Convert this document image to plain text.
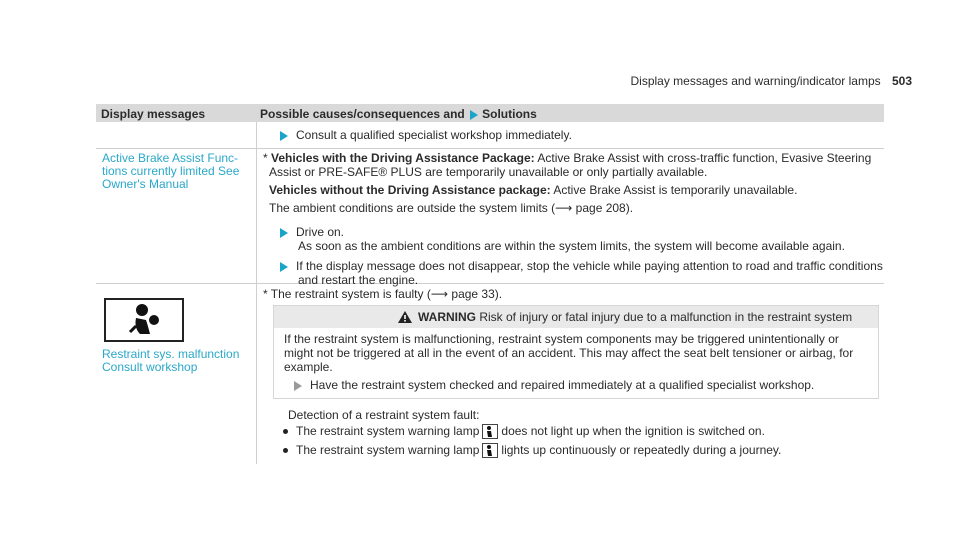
Display messages and warning/indicator lamps 503
Display messages	Possible causes/consequences and Solutions
Consult a qualified specialist workshop immediately.
Active Brake Assist Func-
tions currently limited See
Owner's Manual
* Vehicles with the Driving Assistance Package: Active Brake Assist with cross-traffic function, Evasive Steering
Assist or PRE-SAFE® PLUS are temporarily unavailable or only partially available.
Vehicles without the Driving Assistance package: Active Brake Assist is temporarily unavailable.
The ambient conditions are outside the system limits (⟶ page 208).
Drive on.
As soon as the ambient conditions are within the system limits, the system will become available again.
If the display message does not disappear, stop the vehicle while paying attention to road and traffic conditions
and restart the engine.
Restraint sys. malfunction
Consult workshop
* The restraint system is faulty (⟶ page 33).
WARNING Risk of injury or fatal injury due to a malfunction in the restraint system
If the restraint system is malfunctioning, restraint system components may be triggered unintentionally or
might not be triggered at all in the event of an accident. This may affect the seat belt tensioner or airbag, for
example.
Have the restraint system checked and repaired immediately at a qualified specialist workshop.
Detection of a restraint system fault:
The restraint system warning lamp does not light up when the ignition is switched on.
The restraint system warning lamp lights up continuously or repeatedly during a journey.
